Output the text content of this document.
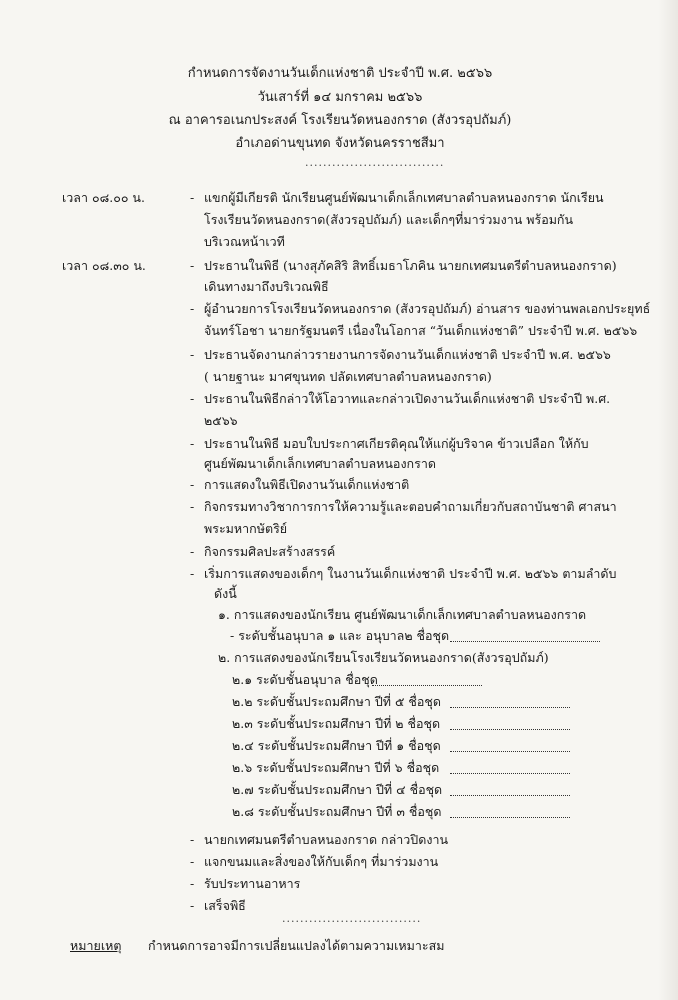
กำหนดการจัดงานวันเด็กแห่งชาติ ประจำปี พ.ศ. ๒๕๖๖
วันเสาร์ที่ ๑๔ มกราคม ๒๕๖๖
ณ อาคารอเนกประสงค์ โรงเรียนวัดหนองกราด (สังวรอุปถัมภ์)
อำเภอด่านขุนทด จังหวัดนครราชสีมา
...............................
เวลา ๐๘.๐๐ น.	- แขกผู้มีเกียรติ นักเรียนศูนย์พัฒนาเด็กเล็กเทศบาลตำบลหนองกราด นักเรียน
โรงเรียนวัดหนองกราด(สังวรอุปถัมภ์) และเด็กๆที่มาร่วมงาน พร้อมกัน
บริเวณหน้าเวที
เวลา ๐๘.๓๐ น.	- ประธานในพิธี (นางสุภัคสิริ สิทธิ์เมธาโภคิน นายกเทศมนตรีตำบลหนองกราด)
เดินทางมาถึงบริเวณพิธี
- ผู้อำนวยการโรงเรียนวัดหนองกราด (สังวรอุปถัมภ์) อ่านสาร ของท่านพลเอกประยุทธ์
จันทร์โอชา นายกรัฐมนตรี เนื่องในโอกาส “วันเด็กแห่งชาติ” ประจำปี พ.ศ. ๒๕๖๖
- ประธานจัดงานกล่าวรายงานการจัดงานวันเด็กแห่งชาติ ประจำปี พ.ศ. ๒๕๖๖
( นายฐานะ มาศขุนทด ปลัดเทศบาลตำบลหนองกราด)
- ประธานในพิธีกล่าวให้โอวาทและกล่าวเปิดงานวันเด็กแห่งชาติ ประจำปี พ.ศ.
๒๕๖๖
- ประธานในพิธี มอบใบประกาศเกียรติคุณให้แก่ผู้บริจาค ข้าวเปลือก ให้กับ
ศูนย์พัฒนาเด็กเล็กเทศบาลตำบลหนองกราด
- การแสดงในพิธีเปิดงานวันเด็กแห่งชาติ
- กิจกรรมทางวิชาการการให้ความรู้และตอบคำถามเกี่ยวกับสถาบันชาติ ศาสนา
พระมหากษัตริย์
- กิจกรรมศิลปะสร้างสรรค์
- เริ่มการแสดงของเด็กๆ ในงานวันเด็กแห่งชาติ ประจำปี พ.ศ. ๒๕๖๖ ตามลำดับ
ดังนี้
๑. การแสดงของนักเรียน ศูนย์พัฒนาเด็กเล็กเทศบาลตำบลหนองกราด
- ระดับชั้นอนุบาล ๑ และ อนุบาล๒ ชื่อชุด
๒. การแสดงของนักเรียนโรงเรียนวัดหนองกราด(สังวรอุปถัมภ์)
๒.๑ ระดับชั้นอนุบาล ชื่อชุด
๒.๒ ระดับชั้นประถมศึกษา ปีที่ ๕ ชื่อชุด
๒.๓ ระดับชั้นประถมศึกษา ปีที่ ๒ ชื่อชุด
๒.๔ ระดับชั้นประถมศึกษา ปีที่ ๑ ชื่อชุด
๒.๖ ระดับชั้นประถมศึกษา ปีที่ ๖ ชื่อชุด
๒.๗ ระดับชั้นประถมศึกษา ปีที่ ๔ ชื่อชุด
๒.๘ ระดับชั้นประถมศึกษา ปีที่ ๓ ชื่อชุด
- นายกเทศมนตรีตำบลหนองกราด กล่าวปิดงาน
- แจกขนมและสิ่งของให้กับเด็กๆ ที่มาร่วมงาน
- รับประทานอาหาร
- เสร็จพิธี
...............................
หมายเหตุ กำหนดการอาจมีการเปลี่ยนแปลงได้ตามความเหมาะสม
